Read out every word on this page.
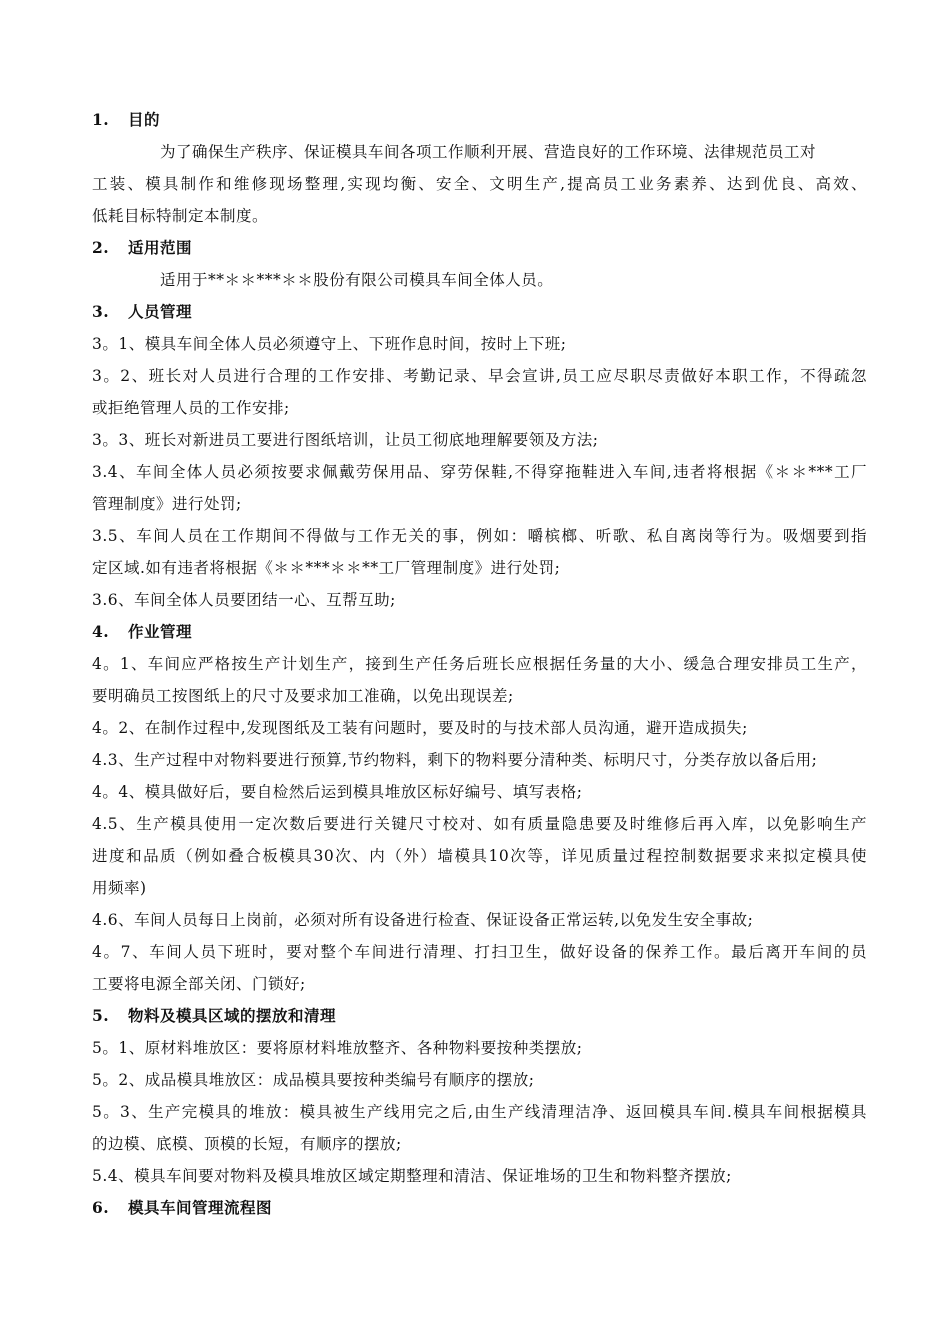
1. 目的
为了确保生产秩序、保证模具车间各项工作顺利开展、营造良好的工作环境、法律规范员工对
工装、模具制作和维修现场整理,实现均衡、安全、文明生产,提高员工业务素养、达到优良、高效、
低耗目标特制定本制度。
2. 适用范围
适用于**＊＊***＊＊股份有限公司模具车间全体人员。
3. 人员管理
3。1、模具车间全体人员必须遵守上、下班作息时间，按时上下班;
3。2、班长对人员进行合理的工作安排、考勤记录、早会宣讲,员工应尽职尽责做好本职工作，不得疏忽
或拒绝管理人员的工作安排;
3。3、班长对新进员工要进行图纸培训，让员工彻底地理解要领及方法;
3.4、车间全体人员必须按要求佩戴劳保用品、穿劳保鞋,不得穿拖鞋进入车间,违者将根据《＊＊***工厂
管理制度》进行处罚;
3.5、车间人员在工作期间不得做与工作无关的事，例如：嚼槟榔、听歌、私自离岗等行为。吸烟要到指
定区域.如有违者将根据《＊＊***＊＊**工厂管理制度》进行处罚;
3.6、车间全体人员要团结一心、互帮互助;
4. 作业管理
4。1、车间应严格按生产计划生产，接到生产任务后班长应根据任务量的大小、缓急合理安排员工生产，
要明确员工按图纸上的尺寸及要求加工准确，以免出现误差;
4。2、在制作过程中,发现图纸及工装有问题时，要及时的与技术部人员沟通，避开造成损失;
4.3、生产过程中对物料要进行预算,节约物料，剩下的物料要分清种类、标明尺寸，分类存放以备后用;
4。4、模具做好后，要自检然后运到模具堆放区标好编号、填写表格;
4.5、生产模具使用一定次数后要进行关键尺寸校对、如有质量隐患要及时维修后再入库，以免影响生产
进度和品质（例如叠合板模具30次、内（外）墙模具10次等，详见质量过程控制数据要求来拟定模具使
用频率)
4.6、车间人员每日上岗前，必须对所有设备进行检查、保证设备正常运转,以免发生安全事故;
4。7、车间人员下班时，要对整个车间进行清理、打扫卫生，做好设备的保养工作。最后离开车间的员
工要将电源全部关闭、门锁好;
5. 物料及模具区域的摆放和清理
5。1、原材料堆放区：要将原材料堆放整齐、各种物料要按种类摆放;
5。2、成品模具堆放区：成品模具要按种类编号有顺序的摆放;
5。3、生产完模具的堆放：模具被生产线用完之后,由生产线清理洁净、返回模具车间.模具车间根据模具
的边模、底模、顶模的长短，有顺序的摆放;
5.4、模具车间要对物料及模具堆放区域定期整理和清洁、保证堆场的卫生和物料整齐摆放;
6. 模具车间管理流程图
